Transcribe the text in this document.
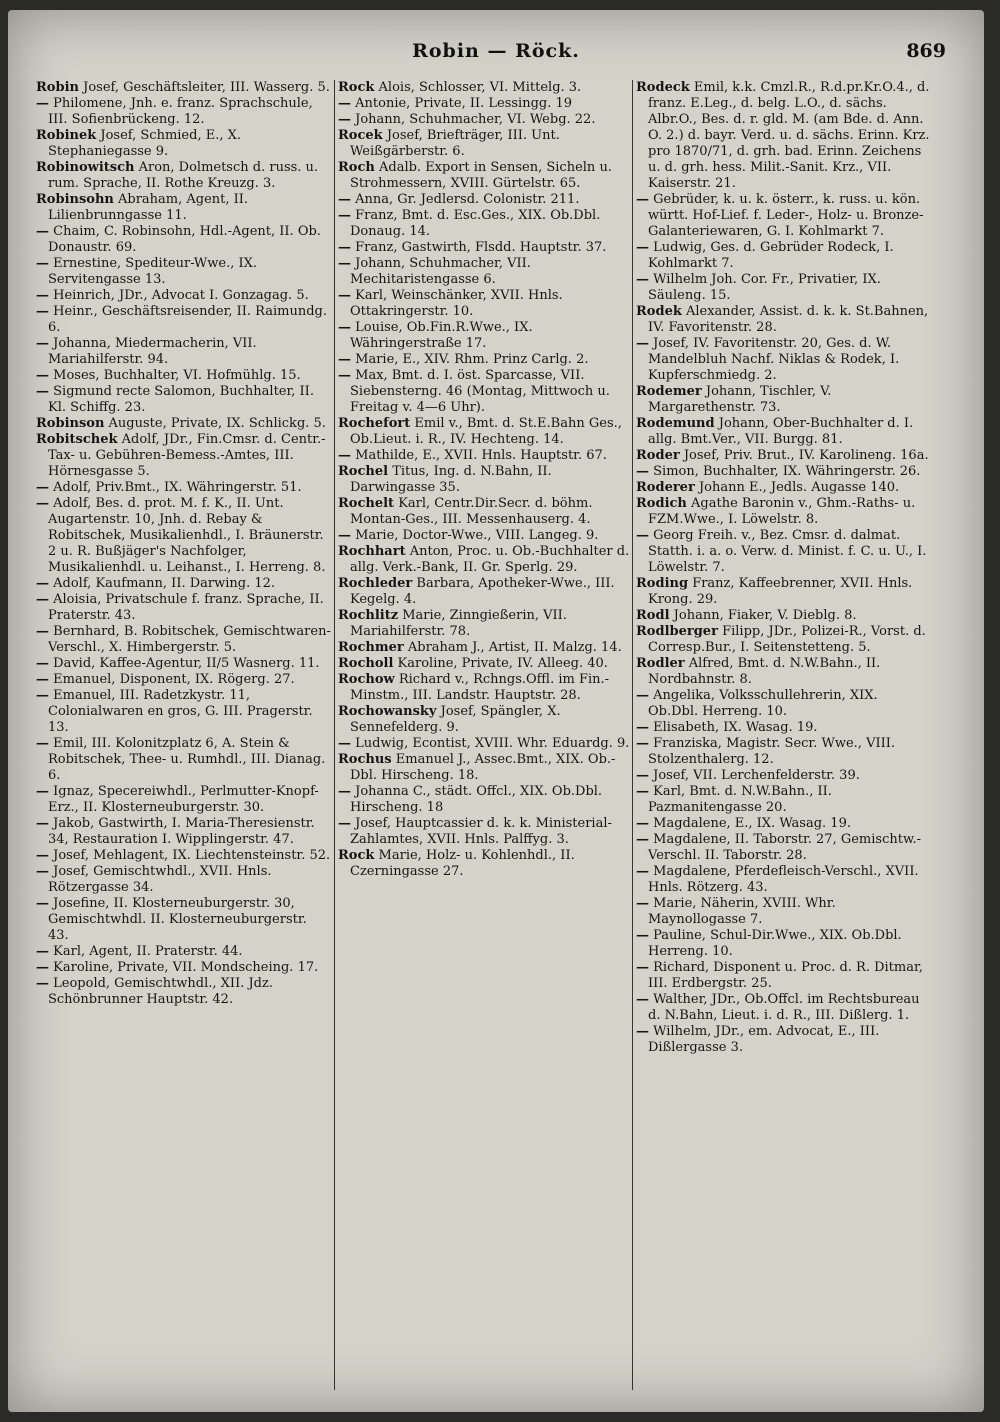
Robin — Röck.	869

Robin Josef, Geschäftsleiter, III. Wasserg. 5.

— Philomene, Jnh. e. franz. Sprachschule, III. Sofienbrückeng. 12.

Robinek Josef, Schmied, E., X. Stephaniegasse 9.

Robinowitsch Aron, Dolmetsch d. russ. u. rum. Sprache, II. Rothe Kreuzg. 3.

Robinsohn Abraham, Agent, II. Lilienbrunngasse 11.

— Chaim, C. Robinsohn, Hdl.-Agent, II. Ob. Donaustr. 69.

— Ernestine, Spediteur-Wwe., IX. Servitengasse 13.

— Heinrich, JDr., Advocat I. Gonzagag. 5.

— Heinr., Geschäftsreisender, II. Raimundg. 6.

— Johanna, Miedermacherin, VII. Mariahilferstr. 94.

— Moses, Buchhalter, VI. Hofmühlg. 15.

— Sigmund recte Salomon, Buchhalter, II. Kl. Schiffg. 23.

Robinson Auguste, Private, IX. Schlickg. 5.

Robitschek Adolf, JDr., Fin.Cmsr. d. Centr.-Tax- u. Gebühren-Bemess.-Amtes, III. Hörnesgasse 5.

— Adolf, Priv.Bmt., IX. Währingerstr. 51.

— Adolf, Bes. d. prot. M. f. K., II. Unt. Augartenstr. 10, Jnh. d. Rebay & Robitschek, Musikalienhdl., I. Bräunerstr. 2 u. R. Bußjäger's Nachfolger, Musikalienhdl. u. Leihanst., I. Herreng. 8.

— Adolf, Kaufmann, II. Darwing. 12.

— Aloisia, Privatschule f. franz. Sprache, II. Praterstr. 43.

— Bernhard, B. Robitschek, Gemischtwaren-Verschl., X. Himbergerstr. 5.

— David, Kaffee-Agentur, II/5 Wasnerg. 11.

— Emanuel, Disponent, IX. Rögerg. 27.

— Emanuel, III. Radetzkystr. 11, Colonialwaren en gros, G. III. Pragerstr. 13.

— Emil, III. Kolonitzplatz 6, A. Stein & Robitschek, Thee- u. Rumhdl., III. Dianag. 6.

— Ignaz, Specereiwhdl., Perlmutter-Knopf-Erz., II. Klosterneuburgerstr. 30.

— Jakob, Gastwirth, I. Maria-Theresienstr. 34, Restauration I. Wipplingerstr. 47.

— Josef, Mehlagent, IX. Liechtensteinstr. 52.

— Josef, Gemischtwhdl., XVII. Hnls. Rötzergasse 34.

— Josefine, II. Klosterneuburgerstr. 30, Gemischtwhdl. II. Klosterneuburgerstr. 43.

— Karl, Agent, II. Praterstr. 44.

— Karoline, Private, VII. Mondscheing. 17.

— Leopold, Gemischtwhdl., XII. Jdz. Schönbrunner Hauptstr. 42.

Rock Alois, Schlosser, VI. Mittelg. 3.

— Antonie, Private, II. Lessingg. 19

— Johann, Schuhmacher, VI. Webg. 22.

Rocek Josef, Briefträger, III. Unt. Weißgärberstr. 6.

Roch Adalb. Export in Sensen, Sicheln u. Strohmessern, XVIII. Gürtelstr. 65.

— Anna, Gr. Jedlersd. Colonistr. 211.

— Franz, Bmt. d. Esc.Ges., XIX. Ob.Dbl. Donaug. 14.

— Franz, Gastwirth, Flsdd. Hauptstr. 37.

— Johann, Schuhmacher, VII. Mechitaristengasse 6.

— Karl, Weinschänker, XVII. Hnls. Ottakringerstr. 10.

— Louise, Ob.Fin.R.Wwe., IX. Währingerstraße 17.

— Marie, E., XIV. Rhm. Prinz Carlg. 2.

— Max, Bmt. d. I. öst. Sparcasse, VII. Siebensterng. 46 (Montag, Mittwoch u. Freitag v. 4—6 Uhr).

Rochefort Emil v., Bmt. d. St.E.Bahn Ges., Ob.Lieut. i. R., IV. Hechteng. 14.

— Mathilde, E., XVII. Hnls. Hauptstr. 67.

Rochel Titus, Ing. d. N.Bahn, II. Darwingasse 35.

Rochelt Karl, Centr.Dir.Secr. d. böhm. Montan-Ges., III. Messenhauserg. 4.

— Marie, Doctor-Wwe., VIII. Langeg. 9.

Rochhart Anton, Proc. u. Ob.-Buchhalter d. allg. Verk.-Bank, II. Gr. Sperlg. 29.

Rochleder Barbara, Apotheker-Wwe., III. Kegelg. 4.

Rochlitz Marie, Zinngießerin, VII. Mariahilferstr. 78.

Rochmer Abraham J., Artist, II. Malzg. 14.

Rocholl Karoline, Private, IV. Alleeg. 40.

Rochow Richard v., Rchngs.Offl. im Fin.-Minstm., III. Landstr. Hauptstr. 28.

Rochowansky Josef, Spängler, X. Sennefelderg. 9.

— Ludwig, Econtist, XVIII. Whr. Eduardg. 9.

Rochus Emanuel J., Assec.Bmt., XIX. Ob.-Dbl. Hirscheng. 18.

— Johanna C., städt. Offcl., XIX. Ob.Dbl. Hirscheng. 18

— Josef, Hauptcassier d. k. k. Ministerial-Zahlamtes, XVII. Hnls. Palffyg. 3.

Rock Marie, Holz- u. Kohlenhdl., II. Czerningasse 27.

Rodeck Emil, k.k. Cmzl.R., R.d.pr.Kr.O.4., d. franz. E.Leg., d. belg. L.O., d. sächs. Albr.O., Bes. d. r. gld. M. (am Bde. d. Ann. O. 2.) d. bayr. Verd. u. d. sächs. Erinn. Krz. pro 1870/71, d. grh. bad. Erinn. Zeichens u. d. grh. hess. Milit.-Sanit. Krz., VII. Kaiserstr. 21.

— Gebrüder, k. u. k. österr., k. russ. u. kön. württ. Hof-Lief. f. Leder-, Holz- u. Bronze-Galanteriewaren, G. I. Kohlmarkt 7.

— Ludwig, Ges. d. Gebrüder Rodeck, I. Kohlmarkt 7.

— Wilhelm Joh. Cor. Fr., Privatier, IX. Säuleng. 15.

Rodek Alexander, Assist. d. k. k. St.Bahnen, IV. Favoritenstr. 28.

— Josef, IV. Favoritenstr. 20, Ges. d. W. Mandelbluh Nachf. Niklas & Rodek, I. Kupferschmiedg. 2.

Rodemer Johann, Tischler, V. Margarethenstr. 73.

Rodemund Johann, Ober-Buchhalter d. I. allg. Bmt.Ver., VII. Burgg. 81.

Roder Josef, Priv. Brut., IV. Karolineng. 16a.

— Simon, Buchhalter, IX. Währingerstr. 26.

Roderer Johann E., Jedls. Augasse 140.

Rodich Agathe Baronin v., Ghm.-Raths- u. FZM.Wwe., I. Löwelstr. 8.

— Georg Freih. v., Bez. Cmsr. d. dalmat. Statth. i. a. o. Verw. d. Minist. f. C. u. U., I. Löwelstr. 7.

Roding Franz, Kaffeebrenner, XVII. Hnls. Krong. 29.

Rodl Johann, Fiaker, V. Dieblg. 8.

Rodlberger Filipp, JDr., Polizei-R., Vorst. d. Corresp.Bur., I. Seitenstetteng. 5.

Rodler Alfred, Bmt. d. N.W.Bahn., II. Nordbahnstr. 8.

— Angelika, Volksschullehrerin, XIX. Ob.Dbl. Herreng. 10.

— Elisabeth, IX. Wasag. 19.

— Franziska, Magistr. Secr. Wwe., VIII. Stolzenthalerg. 12.

— Josef, VII. Lerchenfelderstr. 39.

— Karl, Bmt. d. N.W.Bahn., II. Pazmanitengasse 20.

— Magdalene, E., IX. Wasag. 19.

— Magdalene, II. Taborstr. 27, Gemischtw.-Verschl. II. Taborstr. 28.

— Magdalene, Pferdefleisch-Verschl., XVII. Hnls. Rötzerg. 43.

— Marie, Näherin, XVIII. Whr. Maynollogasse 7.

— Pauline, Schul-Dir.Wwe., XIX. Ob.Dbl. Herreng. 10.

— Richard, Disponent u. Proc. d. R. Ditmar, III. Erdbergstr. 25.

— Walther, JDr., Ob.Offcl. im Rechtsbureau d. N.Bahn, Lieut. i. d. R., III. Dißlerg. 1.

— Wilhelm, JDr., em. Advocat, E., III. Dißlergasse 3.
